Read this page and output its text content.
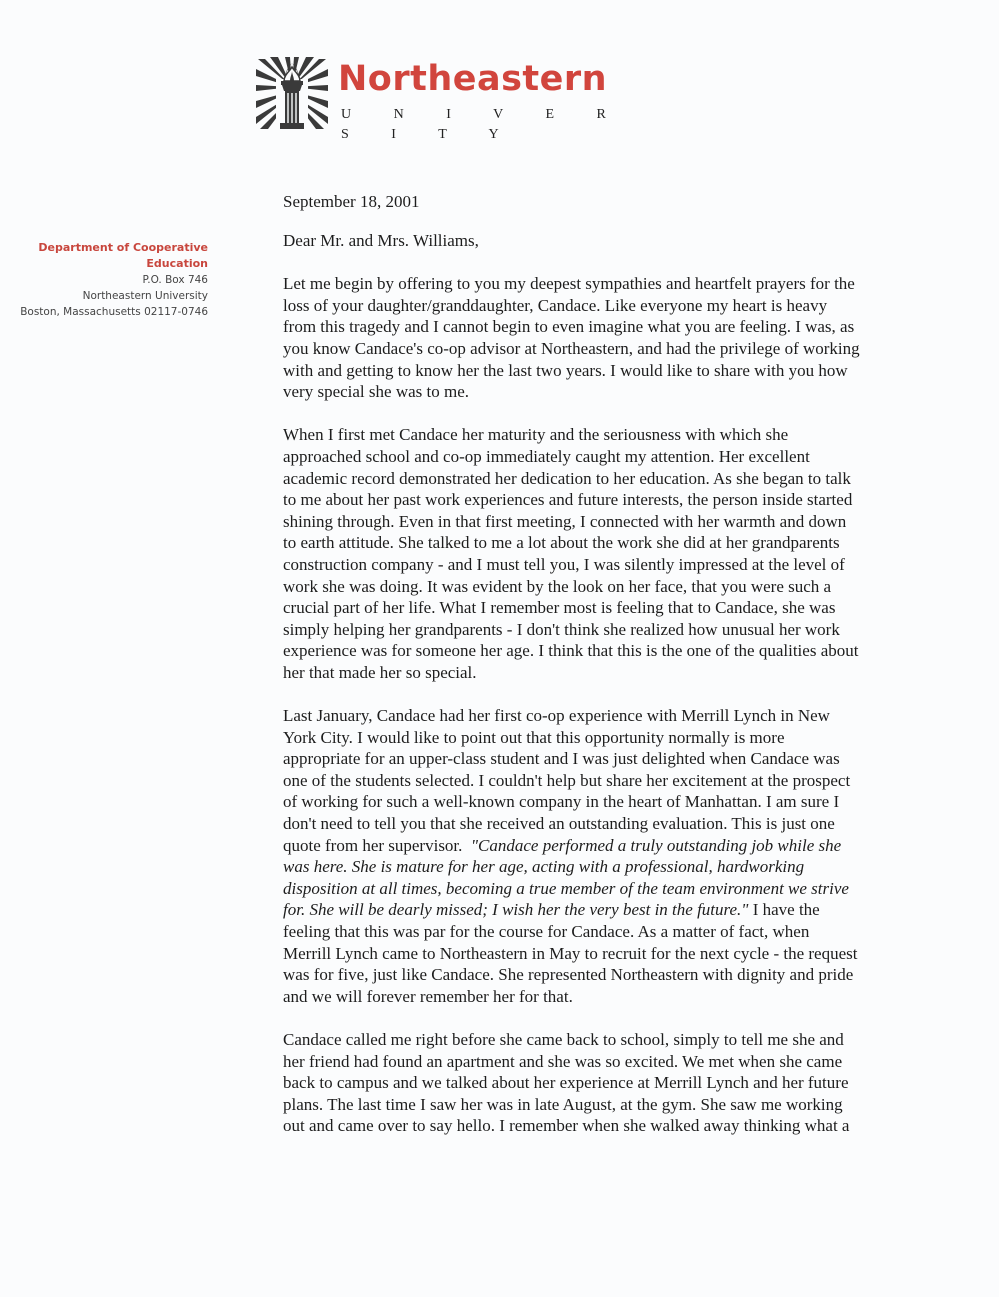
Northeastern
U N I V E R S I T Y
Department of Cooperative
Education
P.O. Box 746
Northeastern University
Boston, Massachusetts 02117-0746
September 18, 2001
Dear Mr. and Mrs. Williams,

Let me begin by offering to you my deepest sympathies and heartfelt prayers for the
loss of your daughter/granddaughter, Candace. Like everyone my heart is heavy
from this tragedy and I cannot begin to even imagine what you are feeling. I was, as
you know Candace's co-op advisor at Northeastern, and had the privilege of working
with and getting to know her the last two years. I would like to share with you how
very special she was to me.

When I first met Candace her maturity and the seriousness with which she
approached school and co-op immediately caught my attention. Her excellent
academic record demonstrated her dedication to her education. As she began to talk
to me about her past work experiences and future interests, the person inside started
shining through. Even in that first meeting, I connected with her warmth and down
to earth attitude. She talked to me a lot about the work she did at her grandparents
construction company - and I must tell you, I was silently impressed at the level of
work she was doing. It was evident by the look on her face, that you were such a
crucial part of her life. What I remember most is feeling that to Candace, she was
simply helping her grandparents - I don't think she realized how unusual her work
experience was for someone her age. I think that this is the one of the qualities about
her that made her so special.

Last January, Candace had her first co-op experience with Merrill Lynch in New
York City. I would like to point out that this opportunity normally is more
appropriate for an upper-class student and I was just delighted when Candace was
one of the students selected. I couldn't help but share her excitement at the prospect
of working for such a well-known company in the heart of Manhattan. I am sure I
don't need to tell you that she received an outstanding evaluation. This is just one
quote from her supervisor.  "Candace performed a truly outstanding job while she
was here. She is mature for her age, acting with a professional, hardworking
disposition at all times, becoming a true member of the team environment we strive
for. She will be dearly missed; I wish her the very best in the future." I have the
feeling that this was par for the course for Candace. As a matter of fact, when
Merrill Lynch came to Northeastern in May to recruit for the next cycle - the request
was for five, just like Candace. She represented Northeastern with dignity and pride
and we will forever remember her for that.

Candace called me right before she came back to school, simply to tell me she and
her friend had found an apartment and she was so excited. We met when she came
back to campus and we talked about her experience at Merrill Lynch and her future
plans. The last time I saw her was in late August, at the gym. She saw me working
out and came over to say hello. I remember when she walked away thinking what a
